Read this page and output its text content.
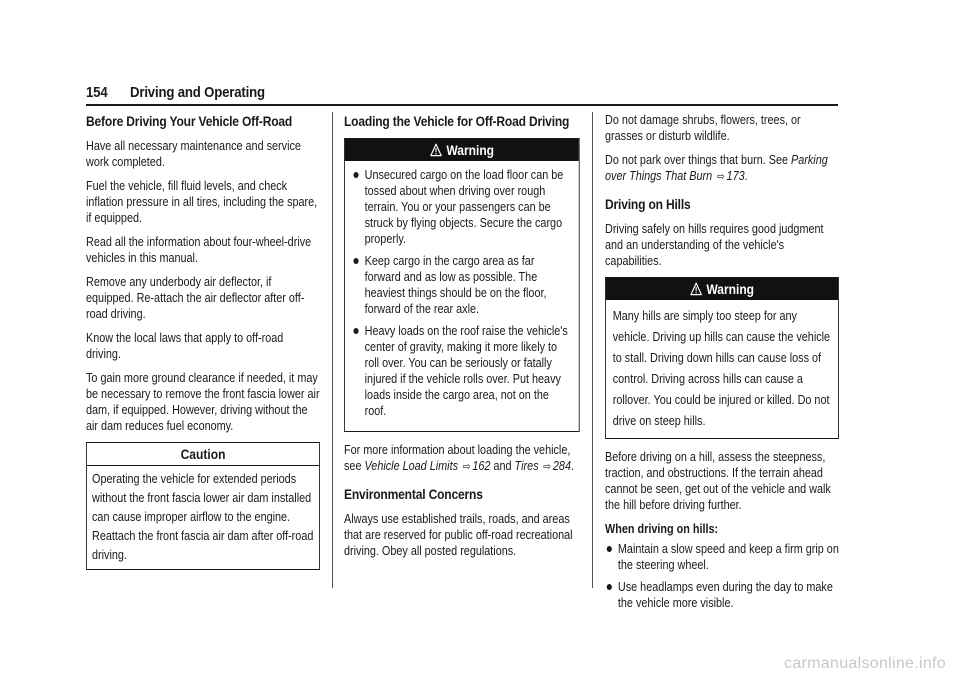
154 Driving and Operating
Before Driving Your Vehicle Off-Road

Have all necessary maintenance and service work completed.

Fuel the vehicle, fill fluid levels, and check inflation pressure in all tires, including the spare, if equipped.

Read all the information about four-wheel-drive vehicles in this manual.

Remove any underbody air deflector, if equipped. Re-attach the air deflector after off-road driving.

Know the local laws that apply to off-road driving.

To gain more ground clearance if needed, it may be necessary to remove the front fascia lower air dam, if equipped. However, driving without the air dam reduces fuel economy.

Caution
Operating the vehicle for extended periods without the front fascia lower air dam installed can cause improper airflow to the engine. Reattach the front fascia air dam after off-road driving.
Loading the Vehicle for Off-Road Driving
Warning
Unsecured cargo on the load floor can be tossed about when driving over rough terrain. You or your passengers can be struck by flying objects. Secure the cargo properly.
Keep cargo in the cargo area as far forward and as low as possible. The heaviest things should be on the floor, forward of the rear axle.
Heavy loads on the roof raise the vehicle's center of gravity, making it more likely to roll over. You can be seriously or fatally injured if the vehicle rolls over. Put heavy loads inside the cargo area, not on the roof.

For more information about loading the vehicle, see Vehicle Load Limits ⇨ 162 and Tires ⇨ 284.

Environmental Concerns

Always use established trails, roads, and areas that are reserved for public off-road recreational driving. Obey all posted regulations.

Do not damage shrubs, flowers, trees, or grasses or disturb wildlife.

Do not park over things that burn. See Parking over Things That Burn ⇨ 173.

Driving on Hills

Driving safely on hills requires good judgment and an understanding of the vehicle's capabilities.

Warning

Many hills are simply too steep for any vehicle. Driving up hills can cause the vehicle to stall. Driving down hills can cause loss of control. Driving across hills can cause a rollover. You could be injured or killed. Do not drive on steep hills.

Before driving on a hill, assess the steepness, traction, and obstructions. If the terrain ahead cannot be seen, get out of the vehicle and walk the hill before driving further.

When driving on hills:

Maintain a slow speed and keep a firm grip on the steering wheel.
Use headlamps even during the day to make the vehicle more visible.
carmanualsonline.info
